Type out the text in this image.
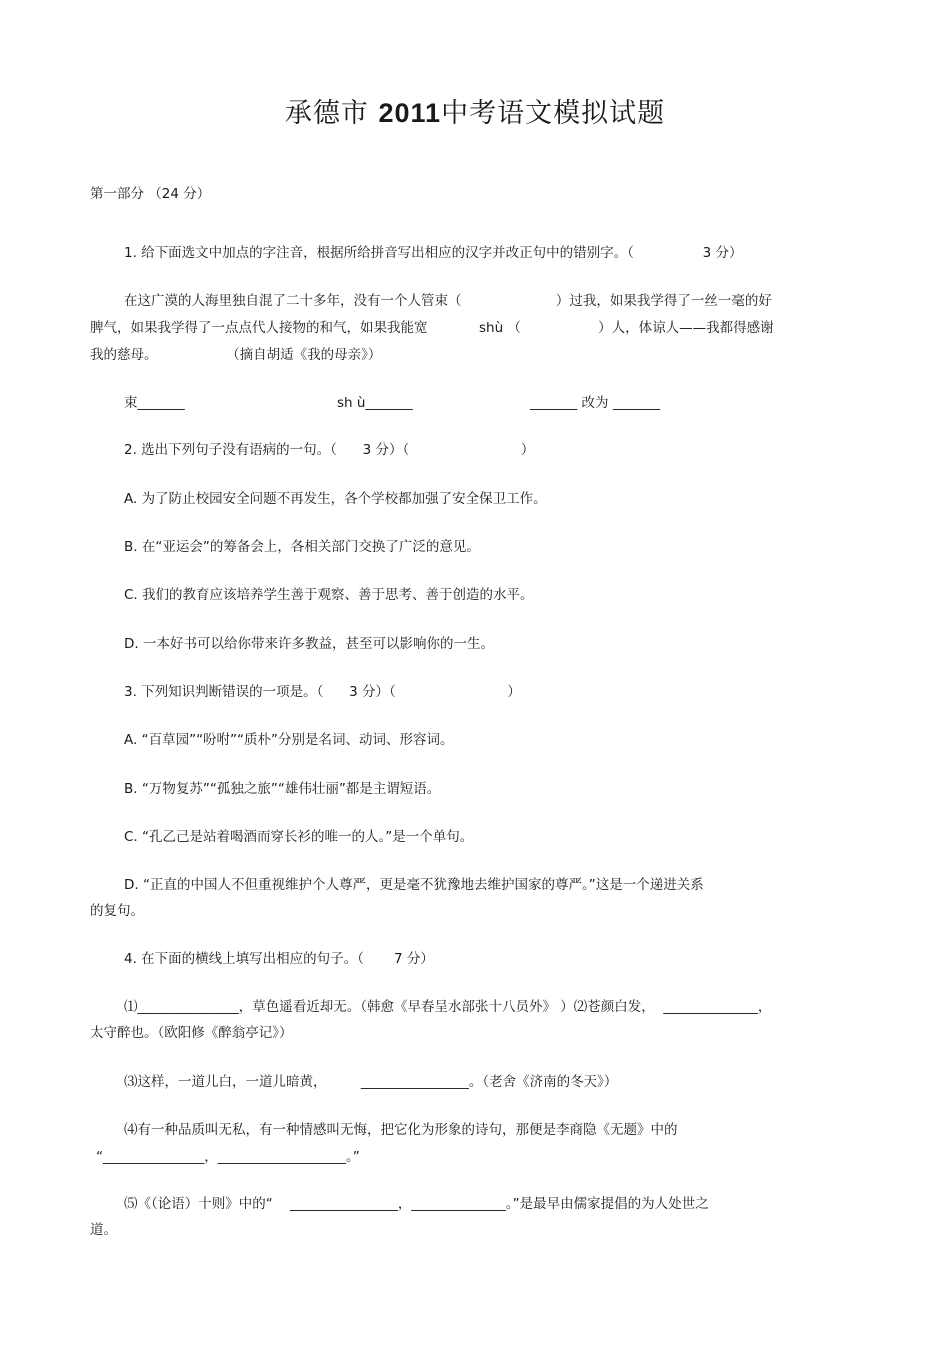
承德市 2011中考语文模拟试题

第一部分 （24 分）

1. 给下面选文中加点的字注音，根据所给拼音写出相应的汉字并改正句中的错别字。（                3 分）

在这广漠的人海里独自混了二十多年，没有一个人管束（                      ）过我，如果我学得了一丝一毫的好

脾气，如果我学得了一点点代人接物的和气，如果我能宽            shù （                  ）人，体谅人——我都得感谢

我的慈母。                （摘自胡适《我的母亲》）

束_______	sh ù_______	_______ 改为 _______

2. 选出下列句子没有语病的一句。（      3 分）（                          ）

A. 为了防止校园安全问题不再发生，各个学校都加强了安全保卫工作。

B. 在“亚运会”的筹备会上，各相关部门交换了广泛的意见。

C. 我们的教育应该培养学生善于观察、善于思考、善于创造的水平。

D. 一本好书可以给你带来许多教益，甚至可以影响你的一生。

3. 下列知识判断错误的一项是。（      3 分）（                          ）

A. “百草园”“吩咐”“质朴”分别是名词、动词、形容词。

B. “万物复苏”“孤独之旅”“雄伟壮丽”都是主谓短语。

C. “孔乙己是站着喝酒而穿长衫的唯一的人。”是一个单句。

D. “正直的中国人不但重视维护个人尊严，更是毫不犹豫地去维护国家的尊严。”这是一个递进关系

的复句。

4. 在下面的横线上填写出相应的句子。（       7 分）

⑴_______________，草色遥看近却无。（韩愈《早春呈水部张十八员外》 ）⑵苍颜白发，  ______________，

太守醉也。（欧阳修《醉翁亭记》）

⑶这样，一道儿白，一道儿暗黄，        ________________。（老舍《济南的冬天》）

⑷有一种品质叫无私，有一种情感叫无悔，把它化为形象的诗句，那便是李商隐《无题》中的

“_______________，___________________。”

⑸《（论语）十则》中的“    ________________，______________。”是最早由儒家提倡的为人处世之

道。
